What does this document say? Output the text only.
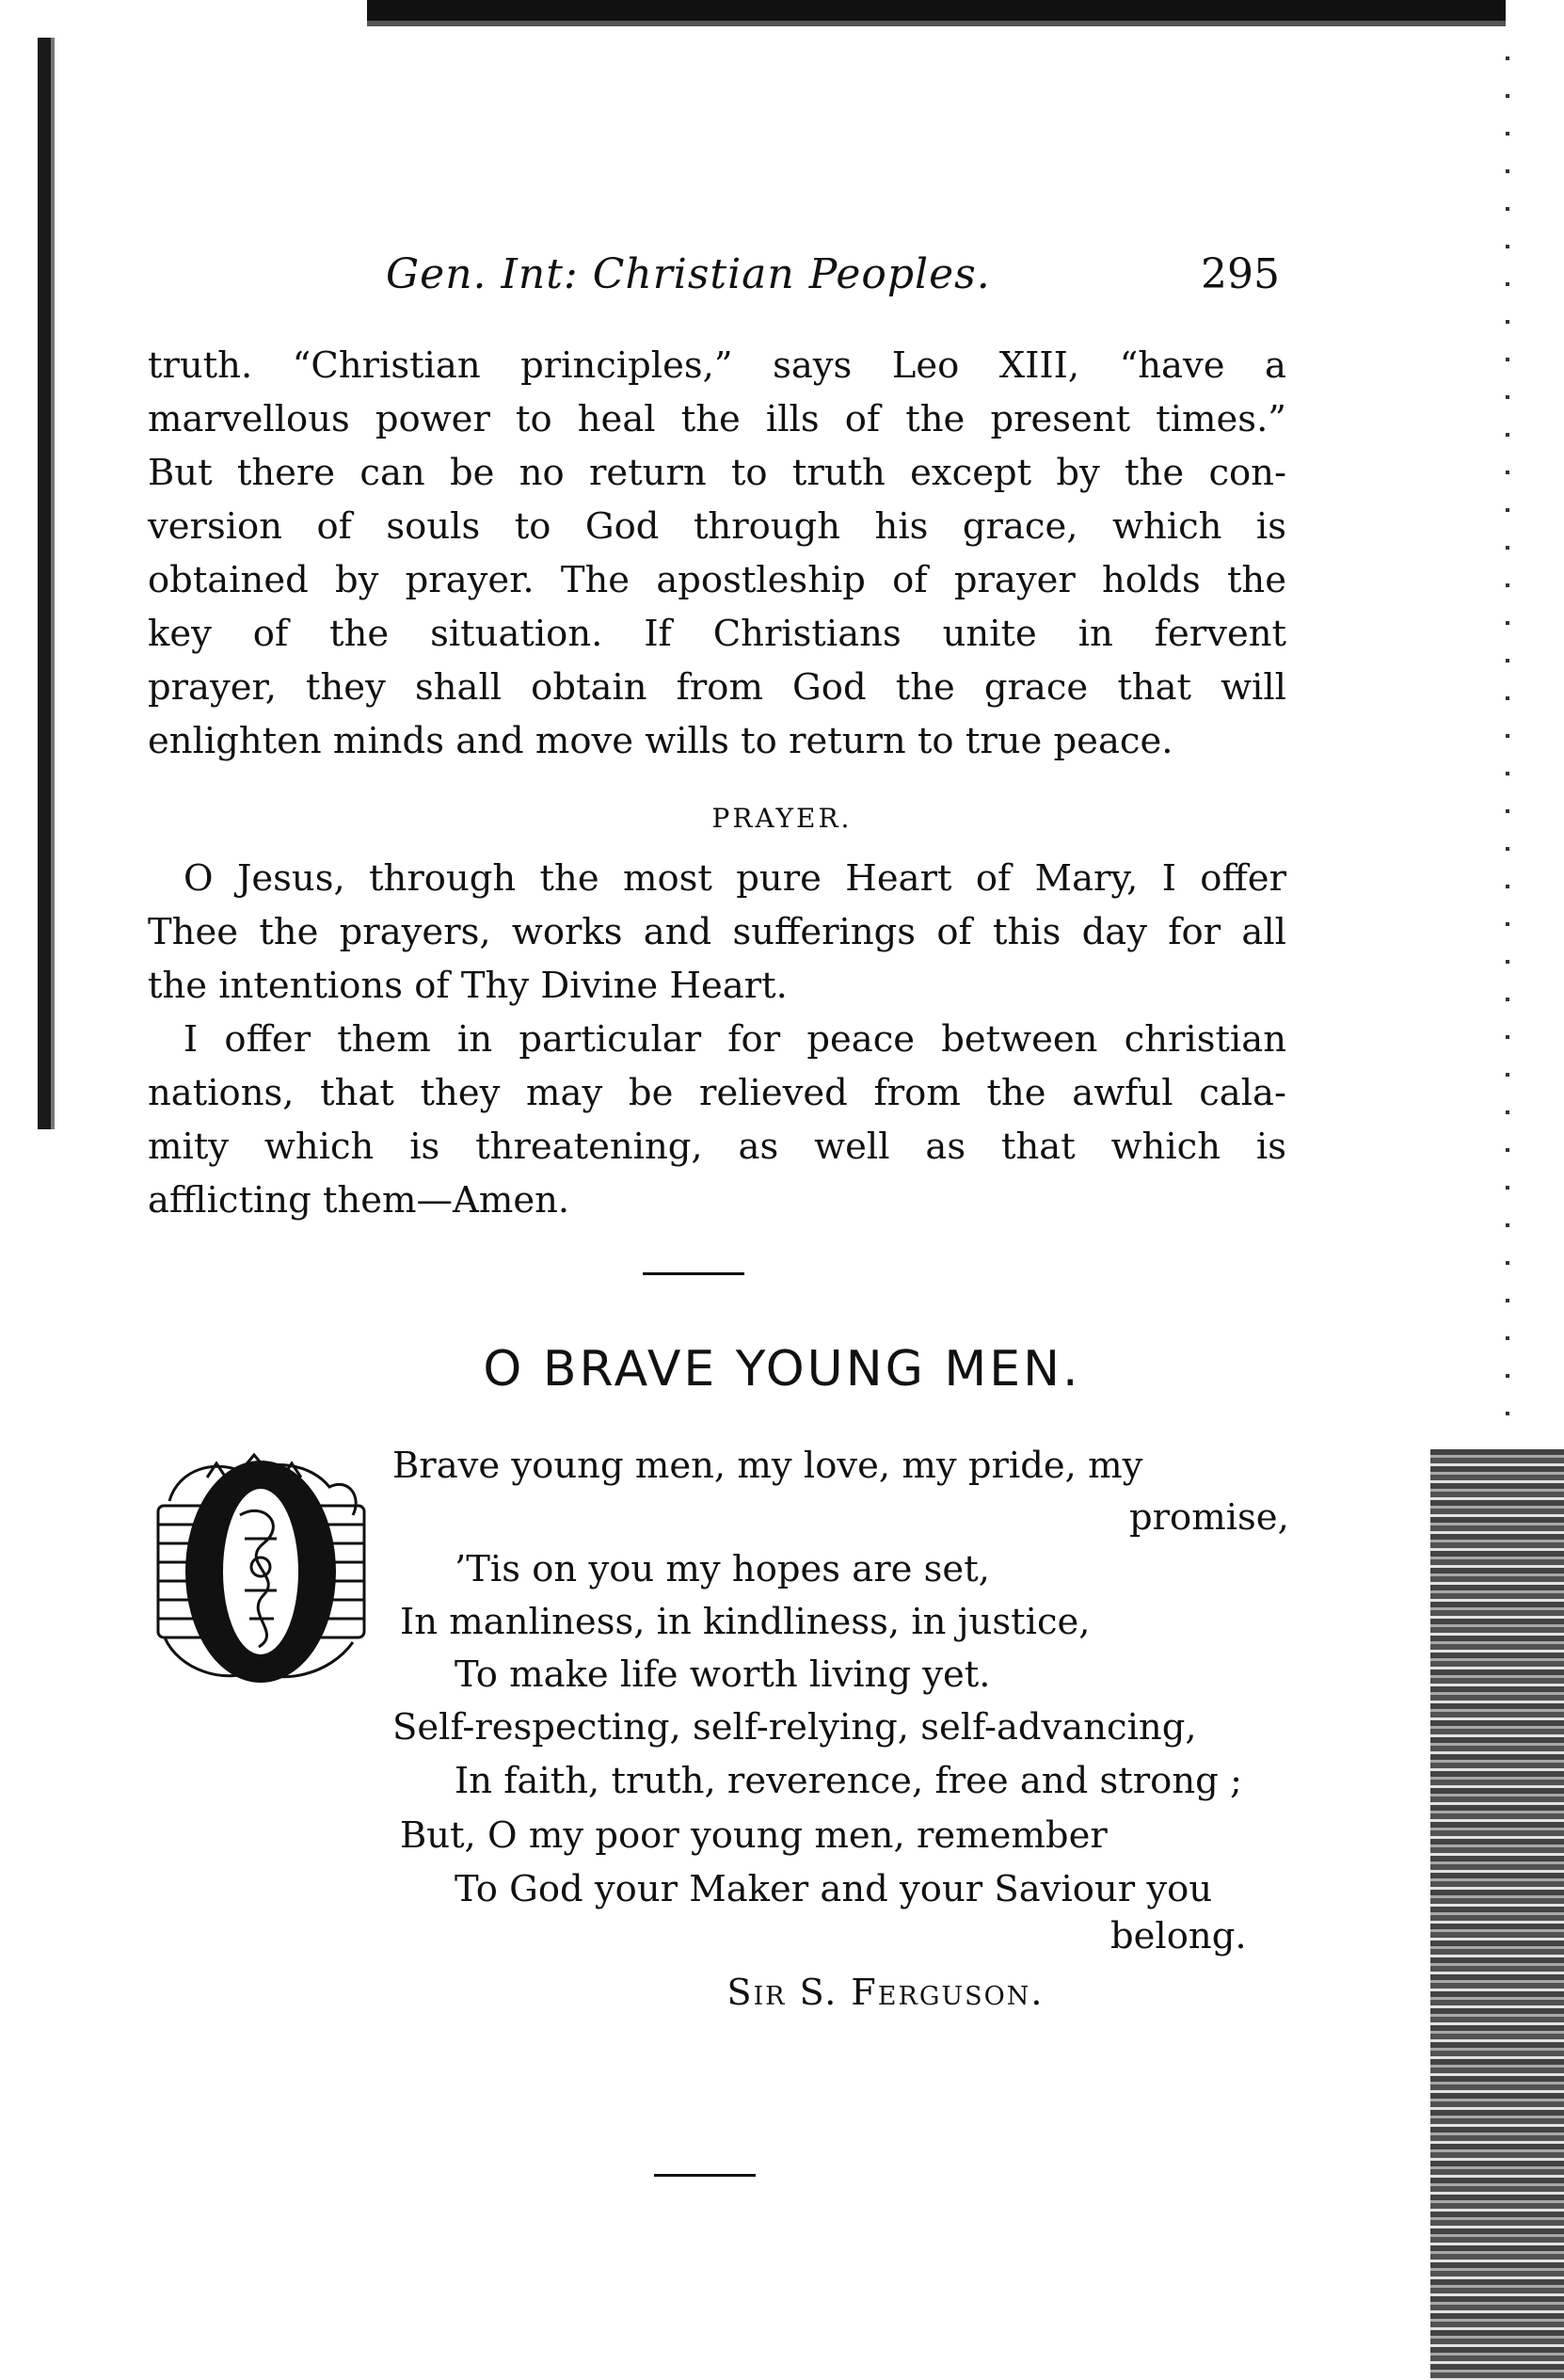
Gen. Int: Christian Peoples.	295

truth. “Christian principles,” says Leo XIII, “have a

marvellous power to heal the ills of the present times.”

But there can be no return to truth except by the con-

version of souls to God through his grace, which is

obtained by prayer. The apostleship of prayer holds the

key of the situation. If Christians unite in fervent

prayer, they shall obtain from God the grace that will

enlighten minds and move wills to return to true peace.

PRAYER.

O Jesus, through the most pure Heart of Mary, I offer

Thee the prayers, works and sufferings of this day for all

the intentions of Thy Divine Heart.

I offer them in particular for peace between christian

nations, that they may be relieved from the awful cala-

mity which is threatening, as well as that which is

afflicting them—Amen.

O BRAVE YOUNG MEN.
Brave young men, my love, my pride, my
promise,
’Tis on you my hopes are set,
In manliness, in kindliness, in justice,
To make life worth living yet.
Self-respecting, self-relying, self-advancing,
In faith, truth, reverence, free and strong ;
But, O my poor young men, remember
To God your Maker and your Saviour you
belong.
Sir S. Ferguson.
